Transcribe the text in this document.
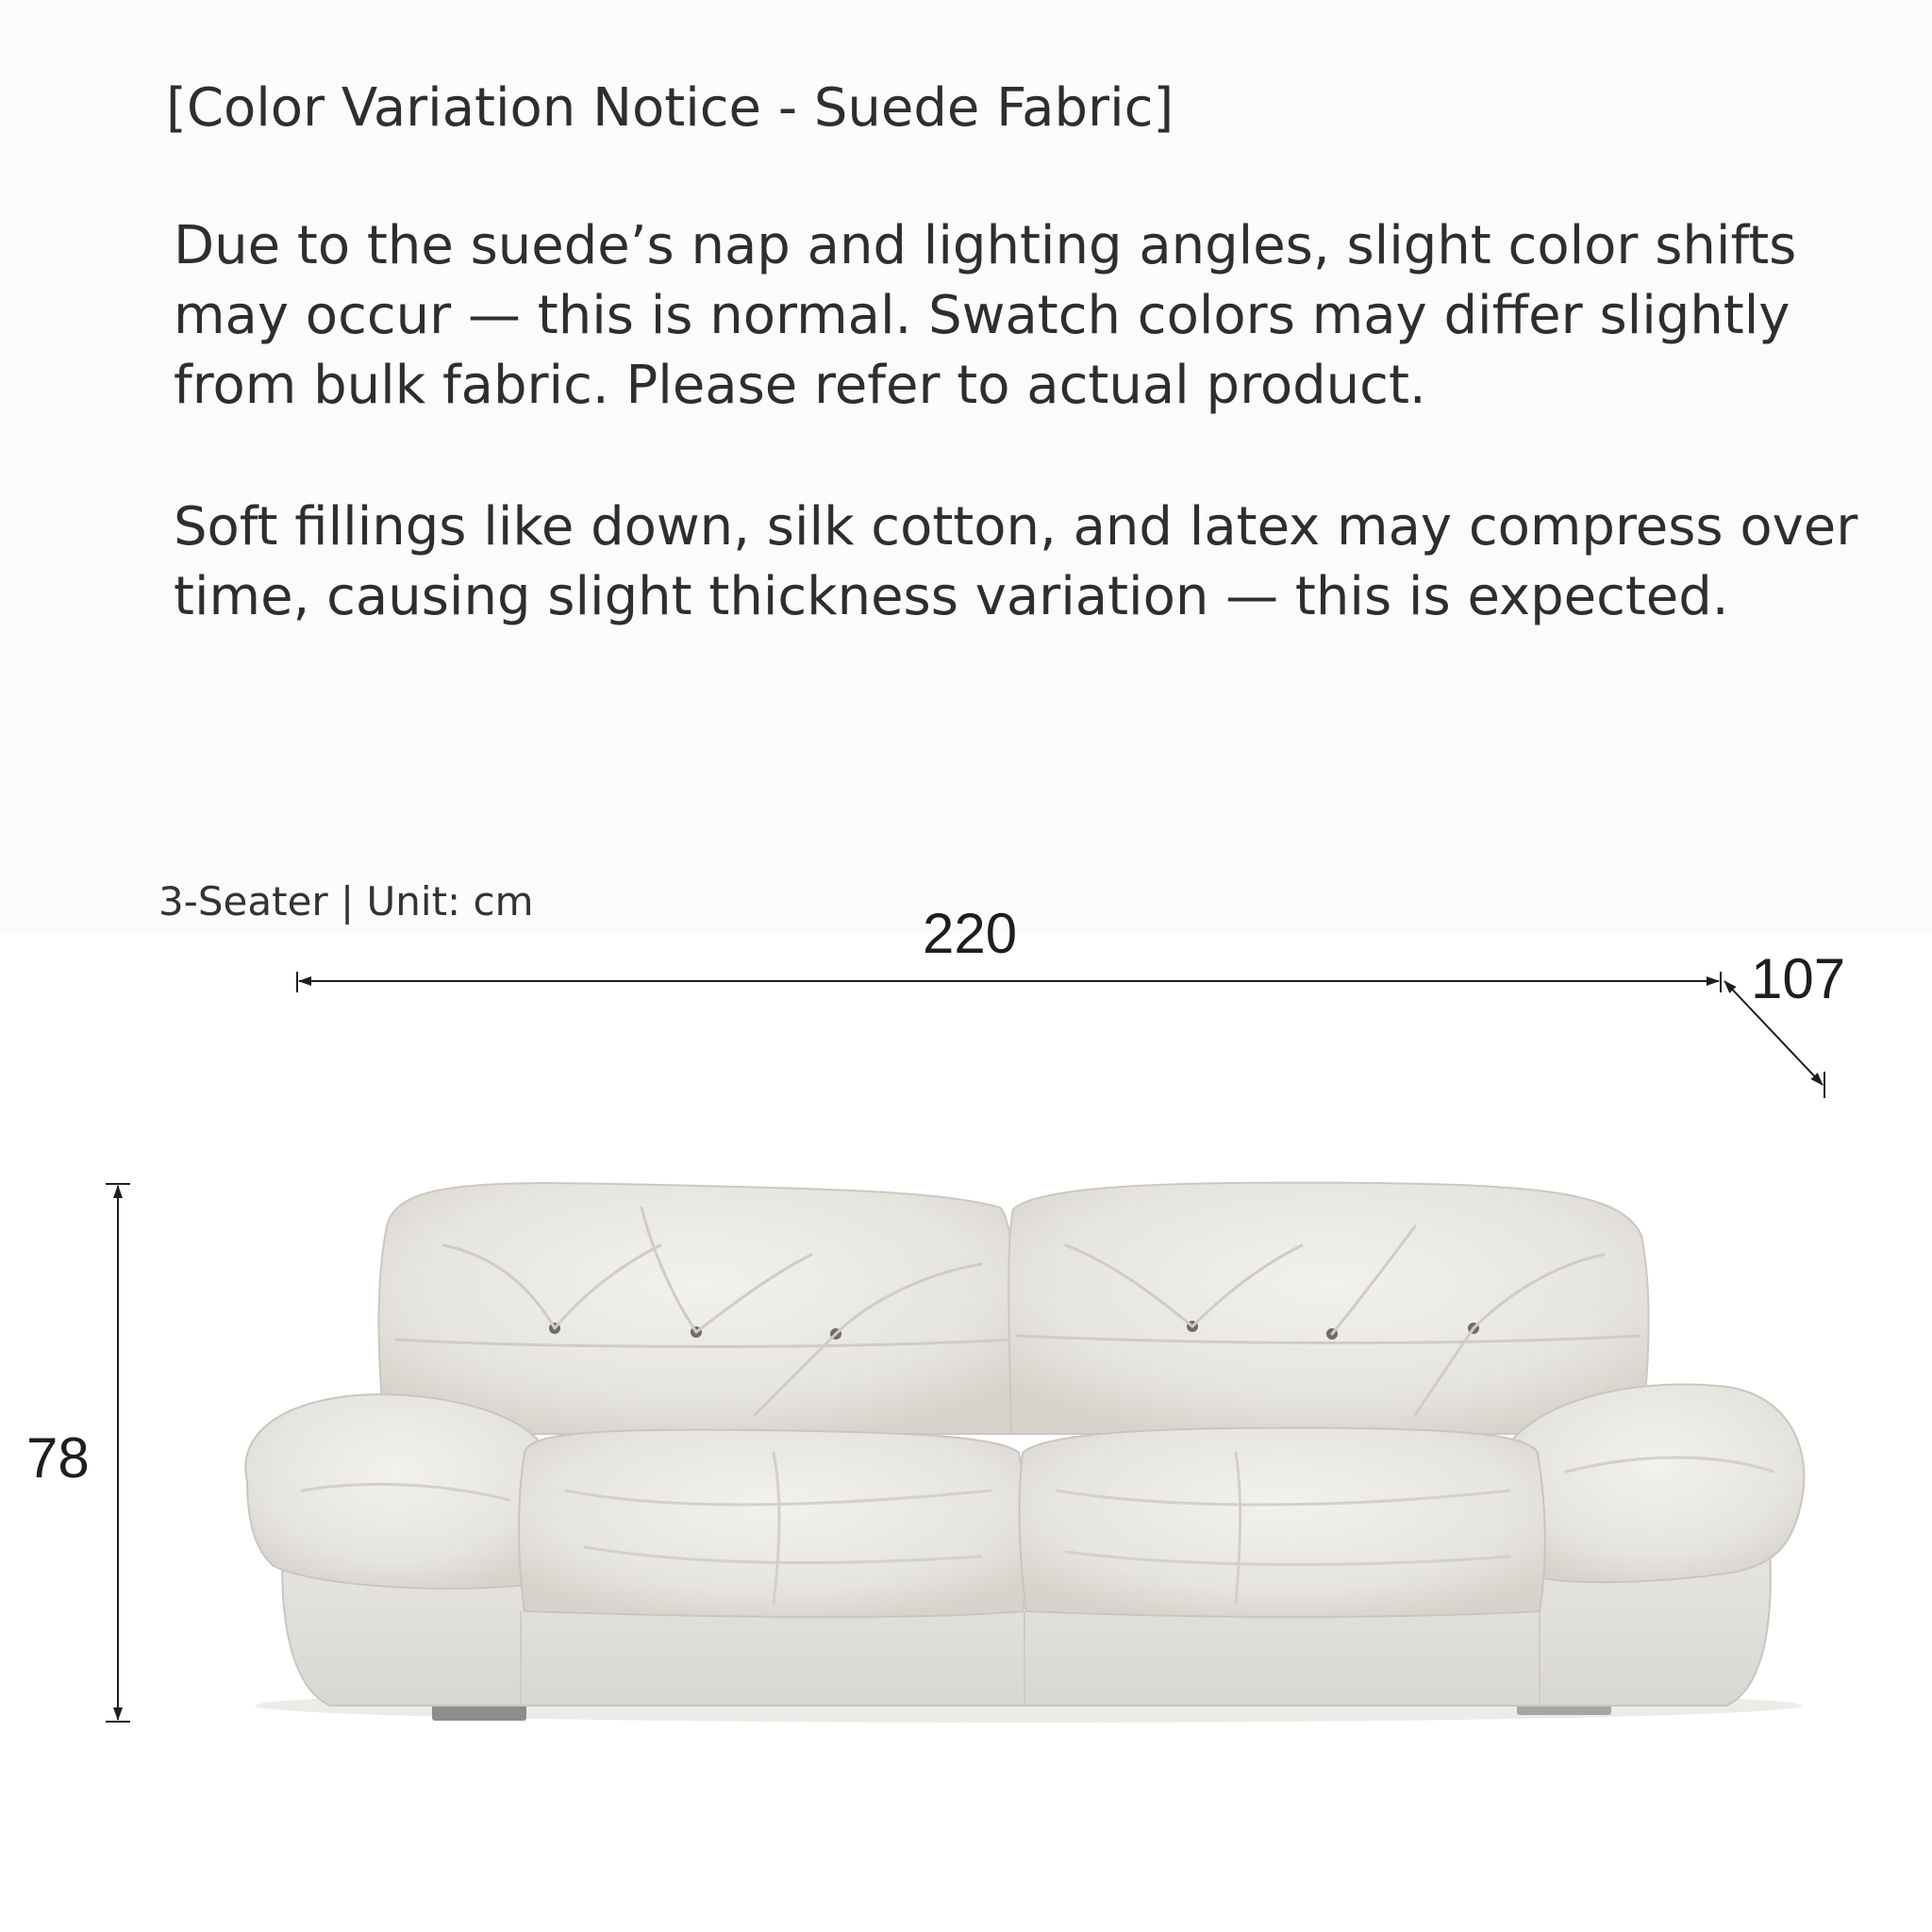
[Color Variation Notice - Suede Fabric]

Due to the suede’s nap and lighting angles, slight color shifts may occur — this is normal. Swatch colors may differ slightly from bulk fabric. Please refer to actual product.

Soft fillings like down, silk cotton, and latex may compress over time, causing slight thickness variation — this is expected.

3-Seater | Unit: cm
220
107
78
